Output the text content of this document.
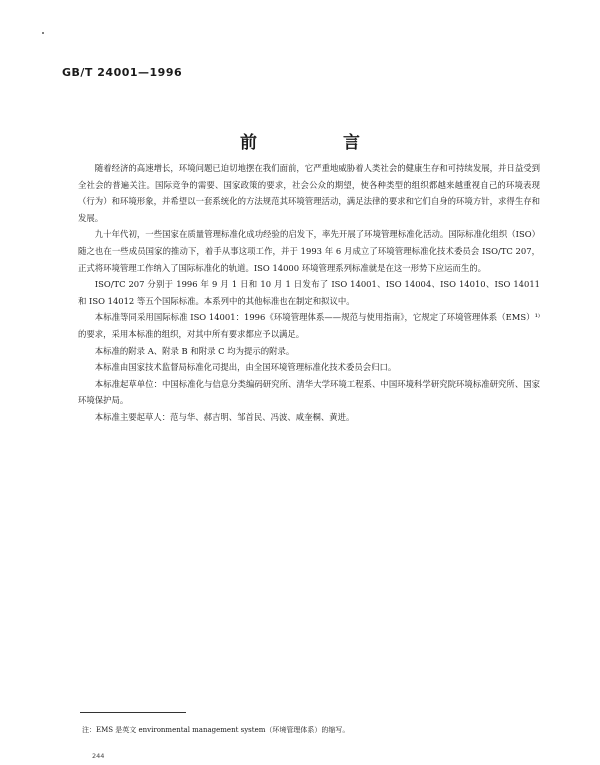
GB/T 24001—1996
前 言

随着经济的高速增长，环境问题已迫切地摆在我们面前，它严重地威胁着人类社会的健康生存和可持续发展，并日益受到全社会的普遍关注。国际竞争的需要、国家政策的要求，社会公众的期望，使各种类型的组织都越来越重视自己的环境表现（行为）和环境形象，并希望以一套系统化的方法规范其环境管理活动，满足法律的要求和它们自身的环境方针，求得生存和发展。

九十年代初，一些国家在质量管理标准化成功经验的启发下，率先开展了环境管理标准化活动。国际标准化组织（ISO）随之也在一些成员国家的推动下，着手从事这项工作，并于 1993 年 6 月成立了环境管理标准化技术委员会 ISO/TC 207，正式将环境管理工作纳入了国际标准化的轨道。ISO 14000 环境管理系列标准就是在这一形势下应运而生的。

ISO/TC 207 分别于 1996 年 9 月 1 日和 10 月 1 日发布了 ISO 14001、ISO 14004、ISO 14010、ISO 14011 和 ISO 14012 等五个国际标准。本系列中的其他标准也在制定和拟议中。

本标准等同采用国际标准 ISO 14001：1996《环境管理体系——规范与使用指南》，它规定了环境管理体系（EMS）¹⁾的要求，采用本标准的组织，对其中所有要求都应予以满足。

本标准的附录 A、附录 B 和附录 C 均为提示的附录。

本标准由国家技术监督局标准化司提出，由全国环境管理标准化技术委员会归口。

本标准起草单位：中国标准化与信息分类编码研究所、清华大学环境工程系、中国环境科学研究院环境标准研究所、国家环境保护局。

本标准主要起草人：范与华、郝吉明、邹首民、冯波、咸奎桐、黄进。

注：EMS 是英文 environmental management system（环境管理体系）的缩写。
244
